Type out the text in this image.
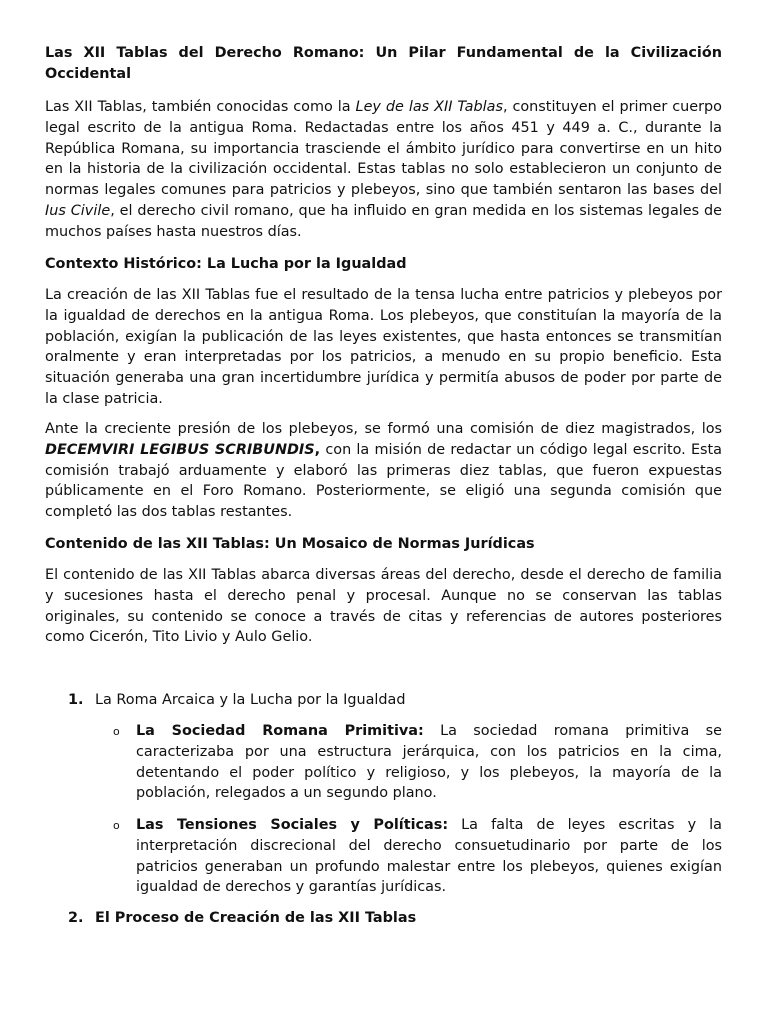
Las XII Tablas del Derecho Romano: Un Pilar Fundamental de la Civilización Occidental

Las XII Tablas, también conocidas como la Ley de las XII Tablas, constituyen el primer cuerpo legal escrito de la antigua Roma. Redactadas entre los años 451 y 449 a. C., durante la República Romana, su importancia trasciende el ámbito jurídico para convertirse en un hito en la historia de la civilización occidental. Estas tablas no solo establecieron un conjunto de normas legales comunes para patricios y plebeyos, sino que también sentaron las bases del Ius Civile, el derecho civil romano, que ha influido en gran medida en los sistemas legales de muchos países hasta nuestros días.

Contexto Histórico: La Lucha por la Igualdad

La creación de las XII Tablas fue el resultado de la tensa lucha entre patricios y plebeyos por la igualdad de derechos en la antigua Roma. Los plebeyos, que constituían la mayoría de la población, exigían la publicación de las leyes existentes, que hasta entonces se transmitían oralmente y eran interpretadas por los patricios, a menudo en su propio beneficio. Esta situación generaba una gran incertidumbre jurídica y permitía abusos de poder por parte de la clase patricia.

Ante la creciente presión de los plebeyos, se formó una comisión de diez magistrados, los DECEMVIRI LEGIBUS SCRIBUNDIS, con la misión de redactar un código legal escrito. Esta comisión trabajó arduamente y elaboró las primeras diez tablas, que fueron expuestas públicamente en el Foro Romano. Posteriormente, se eligió una segunda comisión que completó las dos tablas restantes.

Contenido de las XII Tablas: Un Mosaico de Normas Jurídicas

El contenido de las XII Tablas abarca diversas áreas del derecho, desde el derecho de familia y sucesiones hasta el derecho penal y procesal. Aunque no se conservan las tablas originales, su contenido se conoce a través de citas y referencias de autores posteriores como Cicerón, Tito Livio y Aulo Gelio.

1. La Roma Arcaica y la Lucha por la Igualdad

o La Sociedad Romana Primitiva: La sociedad romana primitiva se caracterizaba por una estructura jerárquica, con los patricios en la cima, detentando el poder político y religioso, y los plebeyos, la mayoría de la población, relegados a un segundo plano.

o Las Tensiones Sociales y Políticas: La falta de leyes escritas y la interpretación discrecional del derecho consuetudinario por parte de los patricios generaban un profundo malestar entre los plebeyos, quienes exigían igualdad de derechos y garantías jurídicas.

2. El Proceso de Creación de las XII Tablas
